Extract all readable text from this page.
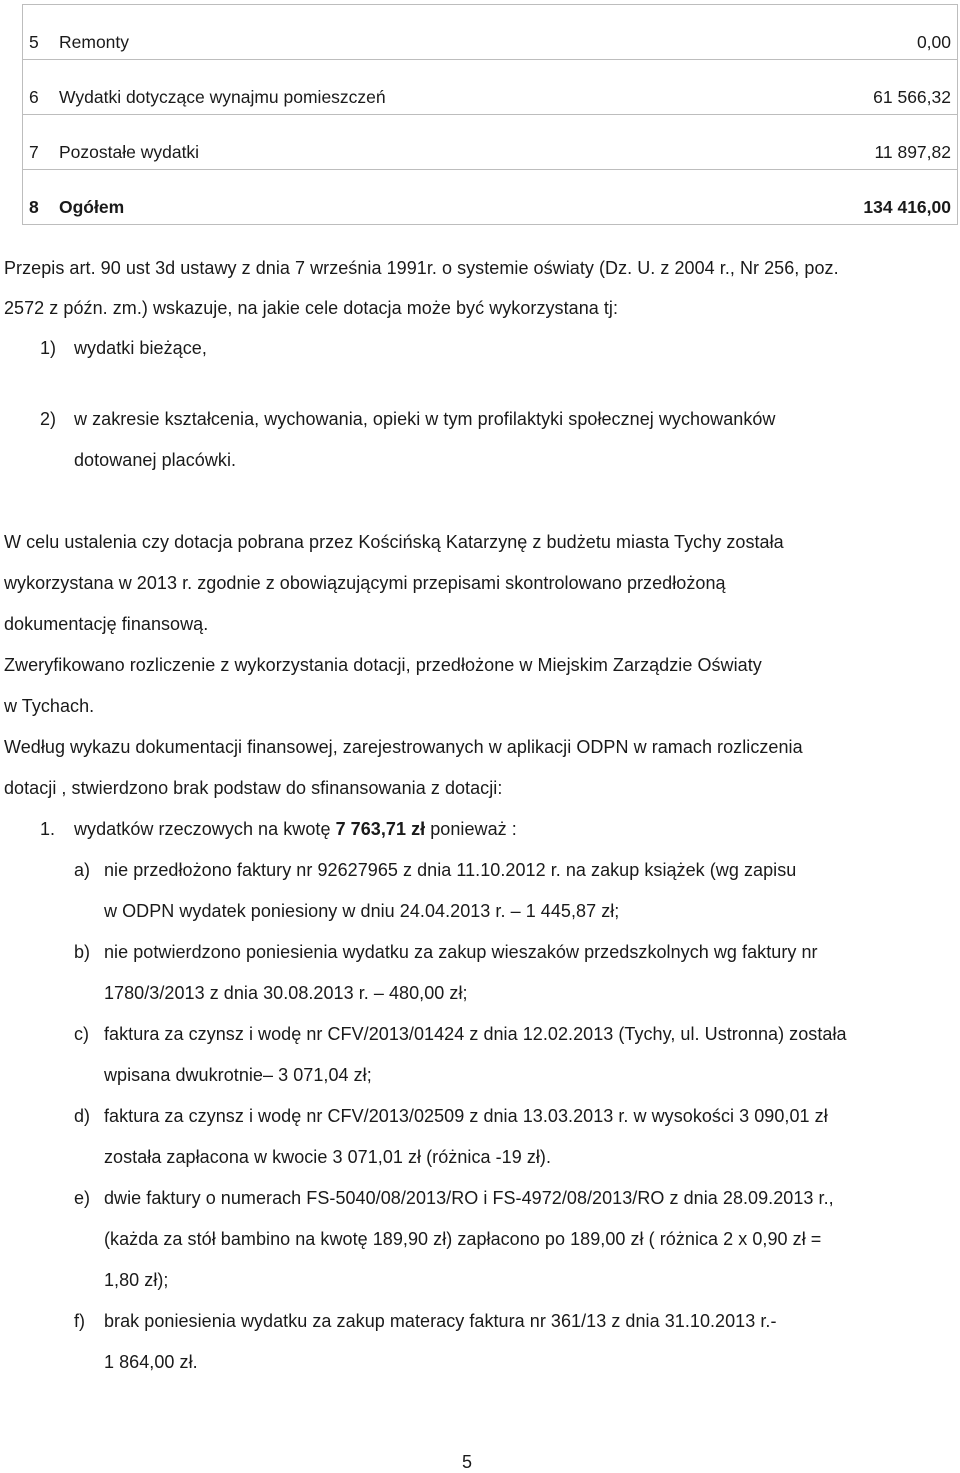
5	Remonty	0,00
6	Wydatki dotyczące wynajmu pomieszczeń	61 566,32
7	Pozostałe wydatki	11 897,82
8	Ogółem	134 416,00
Przepis art. 90 ust 3d ustawy z dnia 7 września 1991r. o systemie oświaty (Dz. U. z 2004 r., Nr 256, poz.
2572 z późn. zm.) wskazuje, na jakie cele dotacja może być wykorzystana tj:
1) wydatki bieżące,
2) w zakresie kształcenia, wychowania, opieki w tym profilaktyki społecznej wychowanków
dotowanej placówki.
W celu ustalenia czy dotacja pobrana przez Kościńską Katarzynę z budżetu miasta Tychy została
wykorzystana w 2013 r. zgodnie z obowiązującymi przepisami skontrolowano przedłożoną
dokumentację finansową.
Zweryfikowano rozliczenie z wykorzystania dotacji, przedłożone w Miejskim Zarządzie Oświaty
w Tychach.
Według wykazu dokumentacji finansowej, zarejestrowanych w aplikacji ODPN w ramach rozliczenia
dotacji , stwierdzono brak podstaw do sfinansowania z dotacji:
1. wydatków rzeczowych na kwotę 7 763,71 zł ponieważ :
a) nie przedłożono faktury nr 92627965 z dnia 11.10.2012 r. na zakup książek (wg zapisu
w ODPN wydatek poniesiony w dniu 24.04.2013 r. – 1 445,87 zł;
b) nie potwierdzono poniesienia wydatku za zakup wieszaków przedszkolnych wg faktury nr
1780/3/2013 z dnia 30.08.2013 r. – 480,00 zł;
c) faktura za czynsz i wodę nr CFV/2013/01424 z dnia 12.02.2013 (Tychy, ul. Ustronna) została
wpisana dwukrotnie– 3 071,04 zł;
d) faktura za czynsz i wodę nr CFV/2013/02509 z dnia 13.03.2013 r. w wysokości 3 090,01 zł
została zapłacona w kwocie 3 071,01 zł (różnica -19 zł).
e) dwie faktury o numerach FS-5040/08/2013/RO i FS-4972/08/2013/RO z dnia 28.09.2013 r.,
(każda za stół bambino na kwotę 189,90 zł) zapłacono po 189,00 zł ( różnica 2 x 0,90 zł =
1,80 zł);
f) brak poniesienia wydatku za zakup materacy faktura nr 361/13 z dnia 31.10.2013 r.-
1 864,00 zł.
5
